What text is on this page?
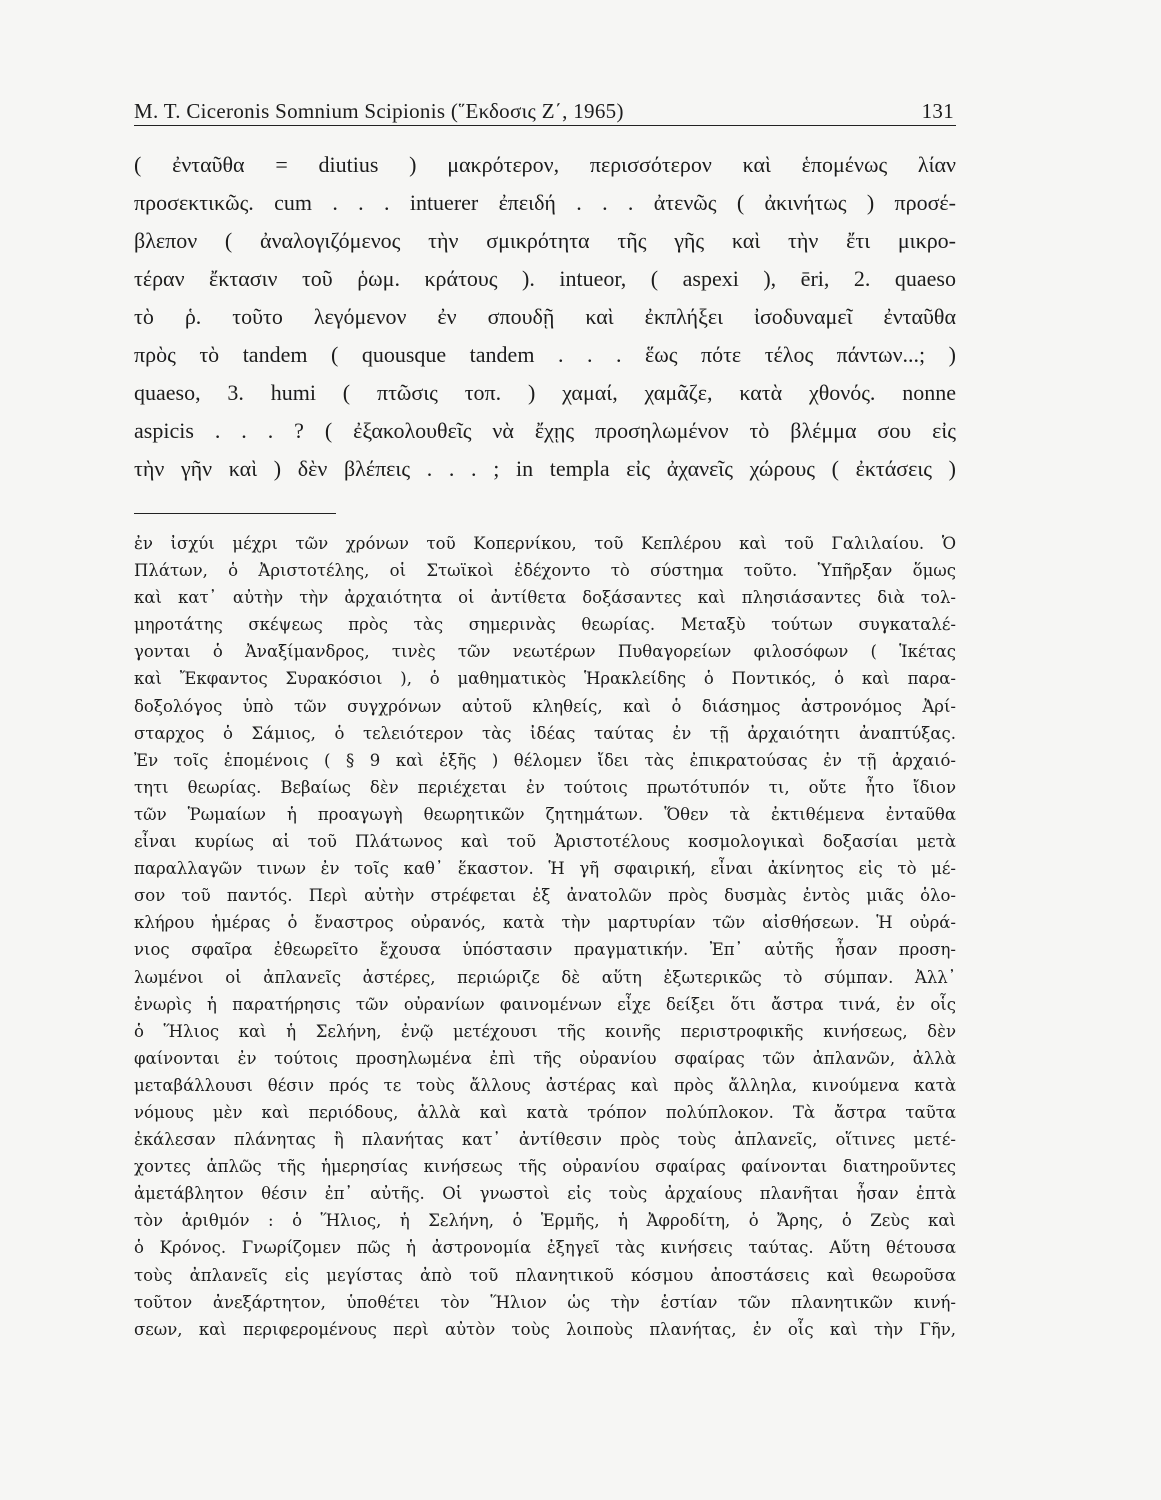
M. T. Ciceronis Somnium Scipionis (῞Εκδοσις Ζ΄, 1965)	131
( ἐνταῦθα = diutius ) μακρότερον, περισσότερον καὶ ἑπομένως λίαν
προσεκτικῶς. cum . . . intuerer ἐπειδή . . . ἀτενῶς ( ἀκινήτως ) προσέ-
βλεπον ( ἀναλογιζόμενος τὴν σμικρότητα τῆς γῆς καὶ τὴν ἔτι μικρο-
τέραν ἔκτασιν τοῦ ῥωμ. κράτους ). intueor, ( aspexi ), ēri, 2. quaeso
τὸ ῥ. τοῦτο λεγόμενον ἐν σπουδῇ καὶ ἐκπλήξει ἰσοδυναμεῖ ἐνταῦθα
πρὸς τὸ tandem ( quousque tandem . . . ἕως πότε τέλος πάντων...; )
quaeso, 3. humi ( πτῶσις τοπ. ) χαμαί, χαμᾶζε, κατὰ χθονός. nonne
aspicis . . . ? ( ἐξακολουθεῖς νὰ ἔχῃς προσηλωμένον τὸ βλέμμα σου εἰς
τὴν γῆν καὶ ) δὲν βλέπεις . . . ; in templa εἰς ἀχανεῖς χώρους ( ἐκτάσεις )
ἐν ἰσχύι μέχρι τῶν χρόνων τοῦ Κοπερνίκου, τοῦ Κεπλέρου καὶ τοῦ Γαλιλαίου. Ὁ
Πλάτων, ὁ Ἀριστοτέλης, οἱ Στωϊκοὶ ἐδέχοντο τὸ σύστημα τοῦτο. Ὑπῆρξαν ὅμως
καὶ κατ᾿ αὐτὴν τὴν ἀρχαιότητα οἱ ἀντίθετα δοξάσαντες καὶ πλησιάσαντες διὰ τολ-
μηροτάτης σκέψεως πρὸς τὰς σημερινὰς θεωρίας. Μεταξὺ τούτων συγκαταλέ-
γονται ὁ Ἀναξίμανδρος, τινὲς τῶν νεωτέρων Πυθαγορείων φιλοσόφων ( Ἱκέτας
καὶ Ἔκφαντος Συρακόσιοι ), ὁ μαθηματικὸς Ἡρακλείδης ὁ Ποντικός, ὁ καὶ παρα-
δοξολόγος ὑπὸ τῶν συγχρόνων αὐτοῦ κληθείς, καὶ ὁ διάσημος ἀστρονόμος Ἀρί-
σταρχος ὁ Σάμιος, ὁ τελειότερον τὰς ἰδέας ταύτας ἐν τῇ ἀρχαιότητι ἀναπτύξας.
Ἐν τοῖς ἑπομένοις ( § 9 καὶ ἑξῆς ) θέλομεν ἴδει τὰς ἐπικρατούσας ἐν τῇ ἀρχαιό-
τητι θεωρίας. Βεβαίως δὲν περιέχεται ἐν τούτοις πρωτότυπόν τι, οὔτε ἦτο ἴδιον
τῶν Ῥωμαίων ἡ προαγωγὴ θεωρητικῶν ζητημάτων. Ὅθεν τὰ ἐκτιθέμενα ἐνταῦθα
εἶναι κυρίως αἱ τοῦ Πλάτωνος καὶ τοῦ Ἀριστοτέλους κοσμολογικαὶ δοξασίαι μετὰ
παραλλαγῶν τινων ἐν τοῖς καθ᾿ ἕκαστον. Ἡ γῆ σφαιρική, εἶναι ἀκίνητος εἰς τὸ μέ-
σον τοῦ παντός. Περὶ αὐτὴν στρέφεται ἐξ ἀνατολῶν πρὸς δυσμὰς ἐντὸς μιᾶς ὁλο-
κλήρου ἡμέρας ὁ ἔναστρος οὐρανός, κατὰ τὴν μαρτυρίαν τῶν αἰσθήσεων. Ἡ οὐρά-
νιος σφαῖρα ἐθεωρεῖτο ἔχουσα ὑπόστασιν πραγματικήν. Ἐπ᾿ αὐτῆς ἦσαν προση-
λωμένοι οἱ ἀπλανεῖς ἀστέρες, περιώριζε δὲ αὕτη ἐξωτερικῶς τὸ σύμπαν. Ἀλλ᾿
ἐνωρὶς ἡ παρατήρησις τῶν οὐρανίων φαινομένων εἶχε δείξει ὅτι ἄστρα τινά, ἐν οἷς
ὁ Ἥλιος καὶ ἡ Σελήνη, ἐνῷ μετέχουσι τῆς κοινῆς περιστροφικῆς κινήσεως, δὲν
φαίνονται ἐν τούτοις προσηλωμένα ἐπὶ τῆς οὐρανίου σφαίρας τῶν ἀπλανῶν, ἀλλὰ
μεταβάλλουσι θέσιν πρός τε τοὺς ἄλλους ἀστέρας καὶ πρὸς ἄλληλα, κινούμενα κατὰ
νόμους μὲν καὶ περιόδους, ἀλλὰ καὶ κατὰ τρόπον πολύπλοκον. Τὰ ἄστρα ταῦτα
ἐκάλεσαν πλάνητας ἢ πλανήτας κατ᾿ ἀντίθεσιν πρὸς τοὺς ἀπλανεῖς, οἵτινες μετέ-
χοντες ἁπλῶς τῆς ἡμερησίας κινήσεως τῆς οὐρανίου σφαίρας φαίνονται διατηροῦντες
ἀμετάβλητον θέσιν ἐπ᾿ αὐτῆς. Οἱ γνωστοὶ εἰς τοὺς ἀρχαίους πλανῆται ἦσαν ἑπτὰ
τὸν ἀριθμόν : ὁ Ἥλιος, ἡ Σελήνη, ὁ Ἑρμῆς, ἡ Ἀφροδίτη, ὁ Ἄρης, ὁ Ζεὺς καὶ
ὁ Κρόνος. Γνωρίζομεν πῶς ἡ ἀστρονομία ἐξηγεῖ τὰς κινήσεις ταύτας. Αὕτη θέτουσα
τοὺς ἀπλανεῖς εἰς μεγίστας ἀπὸ τοῦ πλανητικοῦ κόσμου ἀποστάσεις καὶ θεωροῦσα
τοῦτον ἀνεξάρτητον, ὑποθέτει τὸν Ἥλιον ὡς τὴν ἑστίαν τῶν πλανητικῶν κινή-
σεων, καὶ περιφερομένους περὶ αὐτὸν τοὺς λοιποὺς πλανήτας, ἐν οἷς καὶ τὴν Γῆν,
